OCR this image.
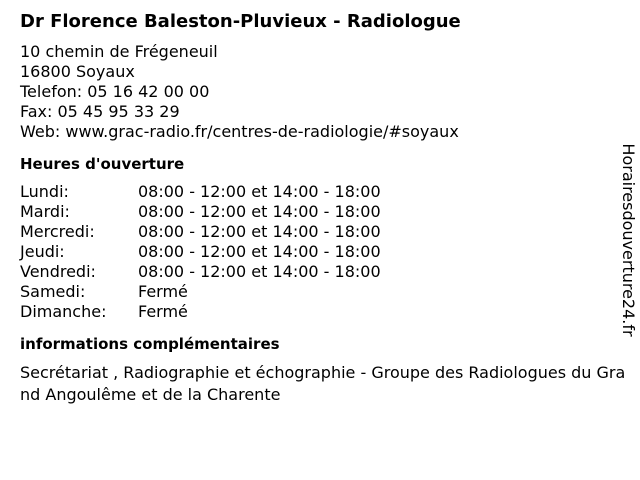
Dr Florence Baleston-Pluvieux - Radiologue
10 chemin de Frégeneuil
16800 Soyaux
Telefon: 05 16 42 00 00
Fax: 05 45 95 33 29
Web: www.grac-radio.fr/centres-de-radiologie/#soyaux
Heures d'ouverture
Lundi:	08:00 - 12:00 et 14:00 - 18:00
Mardi:	08:00 - 12:00 et 14:00 - 18:00
Mercredi:	08:00 - 12:00 et 14:00 - 18:00
Jeudi:	08:00 - 12:00 et 14:00 - 18:00
Vendredi:	08:00 - 12:00 et 14:00 - 18:00
Samedi:	Fermé
Dimanche:	Fermé
informations complémentaires
Secrétariat , Radiographie et échographie - Groupe des Radiologues du Grand Angoulême et de la Charente
Horairesdouverture24.fr
